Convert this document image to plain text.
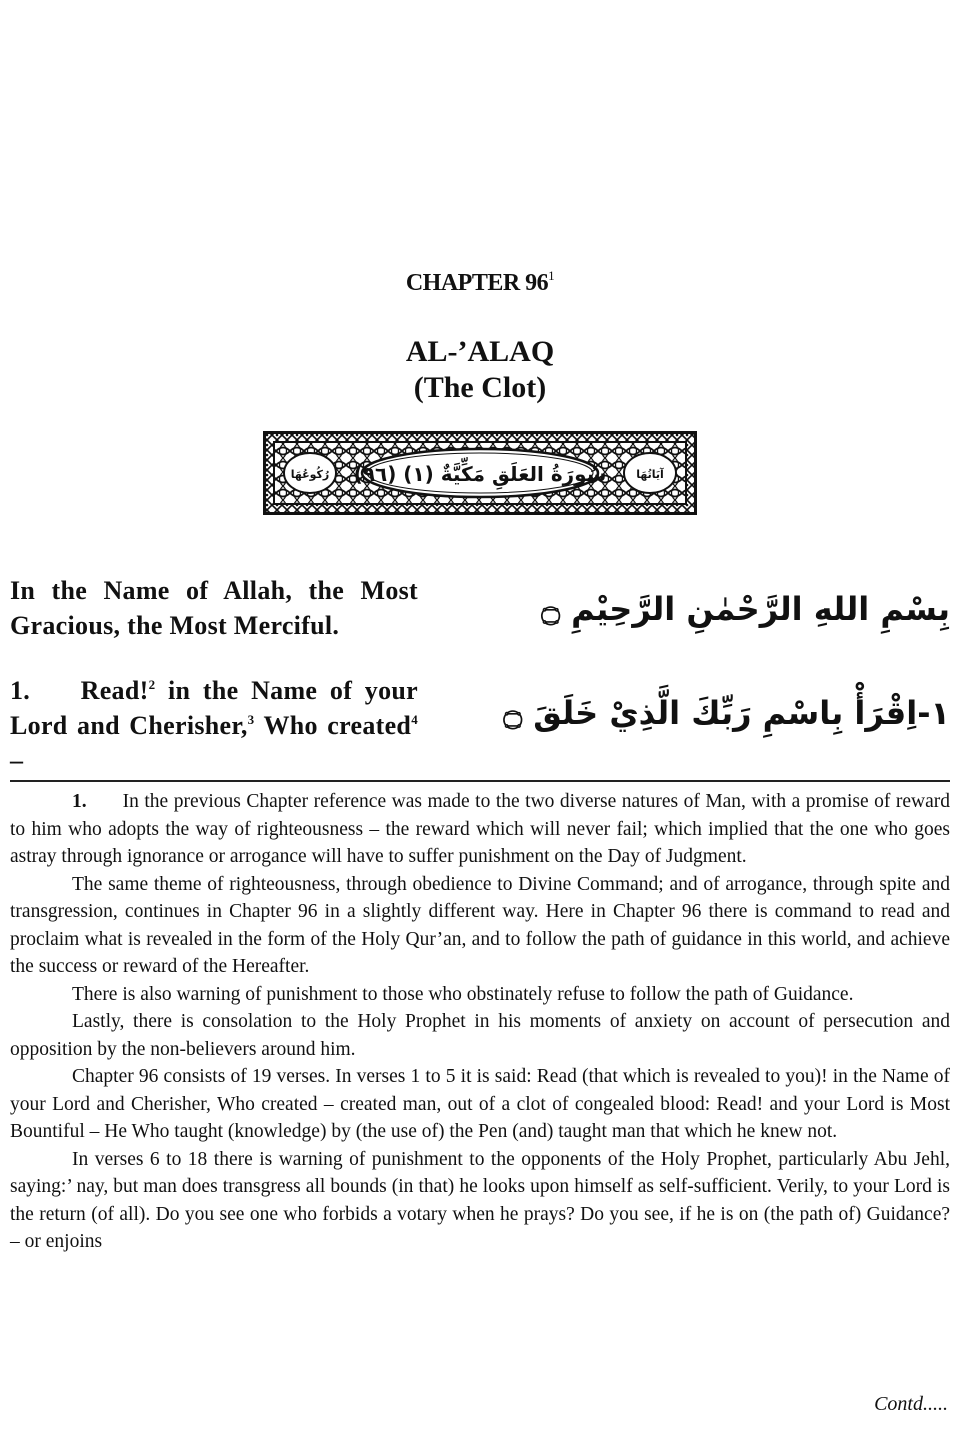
CHAPTER $96^1$
AL-’ALAQ
(The Clot)
(٩٦) سُورَةُ العَلَقِ مَكِّيَّةٌ (١)
رُكُوعُهَا	آيَاتُهَا
In the Name of Allah, the Most Gracious, the Most Merciful.	بِسْمِ اللهِ الرَّحْمٰنِ الرَّحِيْمِ ۝
1. Read!$^2$ in the Name of your Lord and Cherisher,$^3$ Who created$^4$ –
١-اِقْرَأْ بِاسْمِ رَبِّكَ الَّذِيْ خَلَقَ ۝

1. In the previous Chapter reference was made to the two diverse natures of Man, with a promise of reward to him who adopts the way of righteousness – the reward which will never fail; which implied that the one who goes astray through ignorance or arrogance will have to suffer punishment on the Day of Judgment.

The same theme of righteousness, through obedience to Divine Command; and of arrogance, through spite and transgression, continues in Chapter 96 in a slightly different way. Here in Chapter 96 there is command to read and proclaim what is revealed in the form of the Holy Qur’an, and to follow the path of guidance in this world, and achieve the success or reward of the Hereafter.

There is also warning of punishment to those who obstinately refuse to follow the path of Guidance.

Lastly, there is consolation to the Holy Prophet in his moments of anxiety on account of persecution and opposition by the non-believers around him.

Chapter 96 consists of 19 verses. In verses 1 to 5 it is said: Read (that which is revealed to you)! in the Name of your Lord and Cherisher, Who created – created man, out of a clot of congealed blood: Read! and your Lord is Most Bountiful – He Who taught (knowledge) by (the use of) the Pen (and) taught man that which he knew not.

In verses 6 to 18 there is warning of punishment to the opponents of the Holy Prophet, particularly Abu Jehl, saying:’ nay, but man does transgress all bounds (in that) he looks upon himself as self-sufficient. Verily, to your Lord is the return (of all). Do you see one who forbids a votary when he prays? Do you see, if he is on (the path of) Guidance? – or enjoins

Contd.....
